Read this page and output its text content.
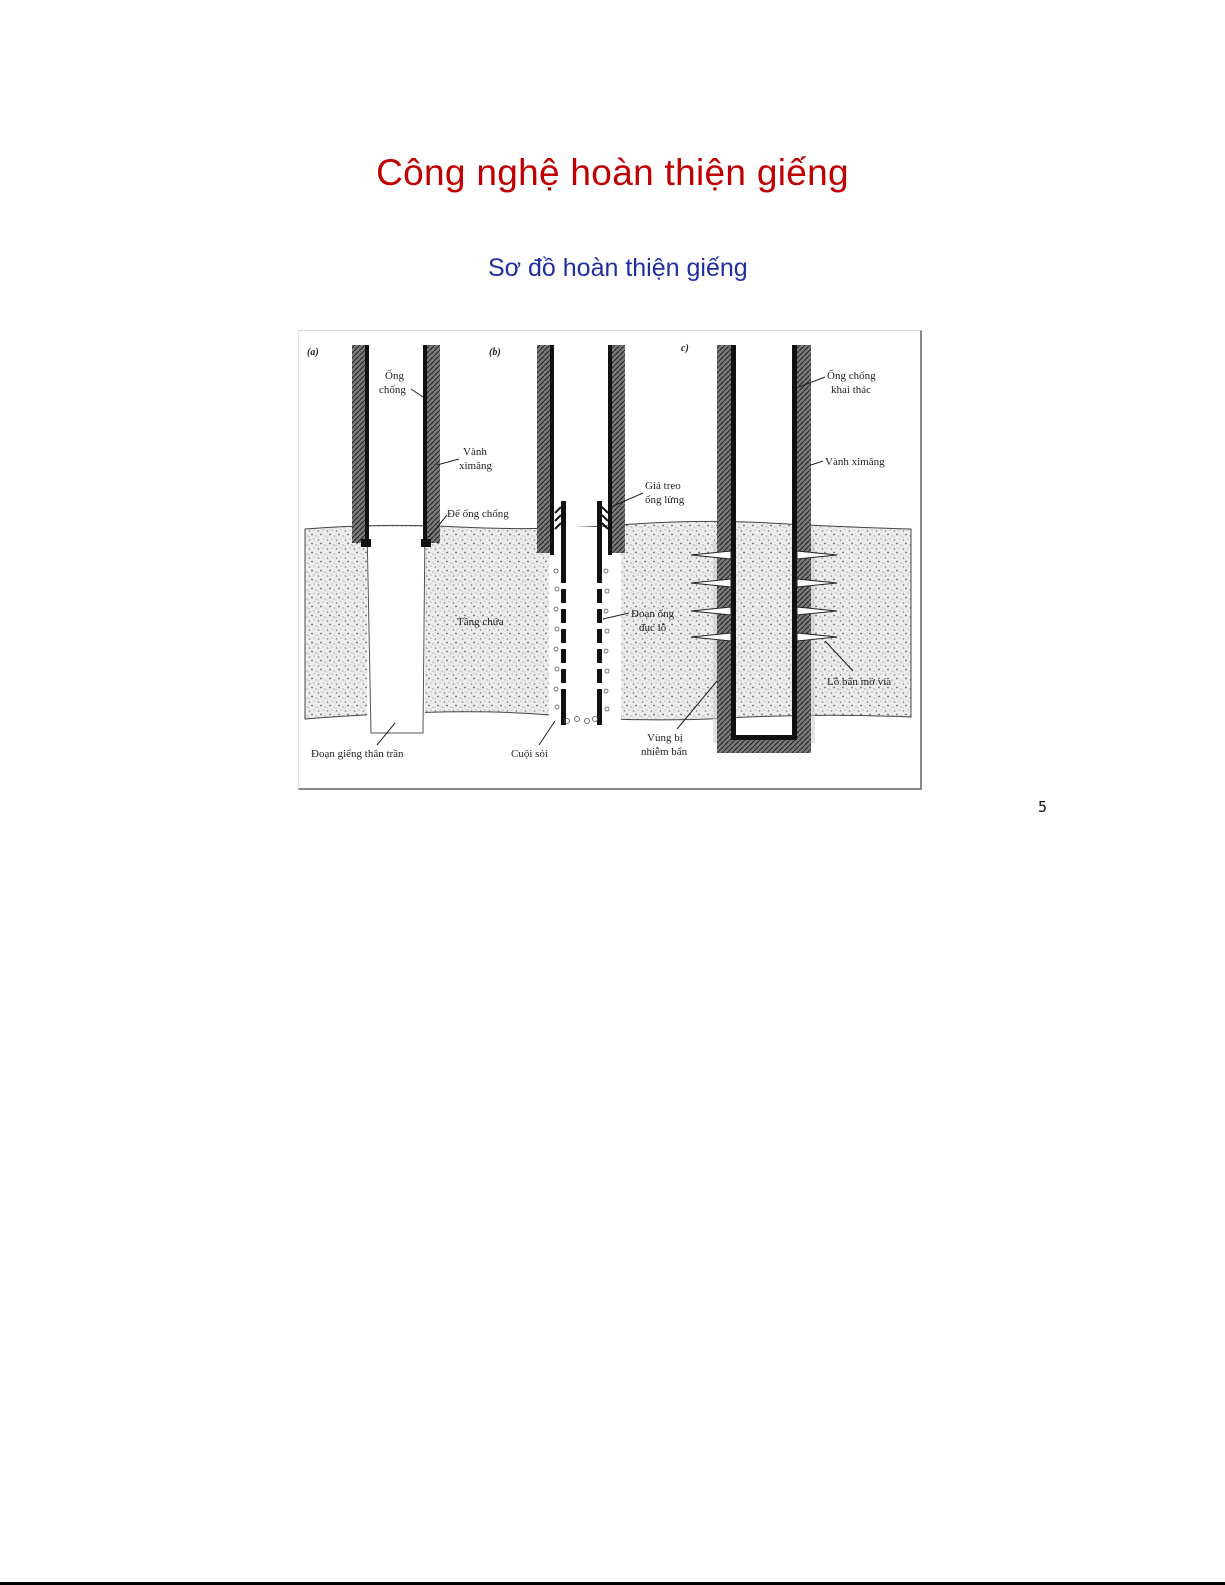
Công nghệ hoàn thiện giếng
Sơ đồ hoàn thiện giếng
(a)	(b)	c)
Ống
chống
Vành
ximăng
Đế ống chống
Tầng chứa
Đoạn giếng thân trần
Giá treo
ống lửng
Đoạn ống
đục lỗ
Cuội sỏi
Ống chống
khai thác
Vành ximăng
Lỗ bắn mở vỉa
Vùng bị
nhiễm bẩn
5
